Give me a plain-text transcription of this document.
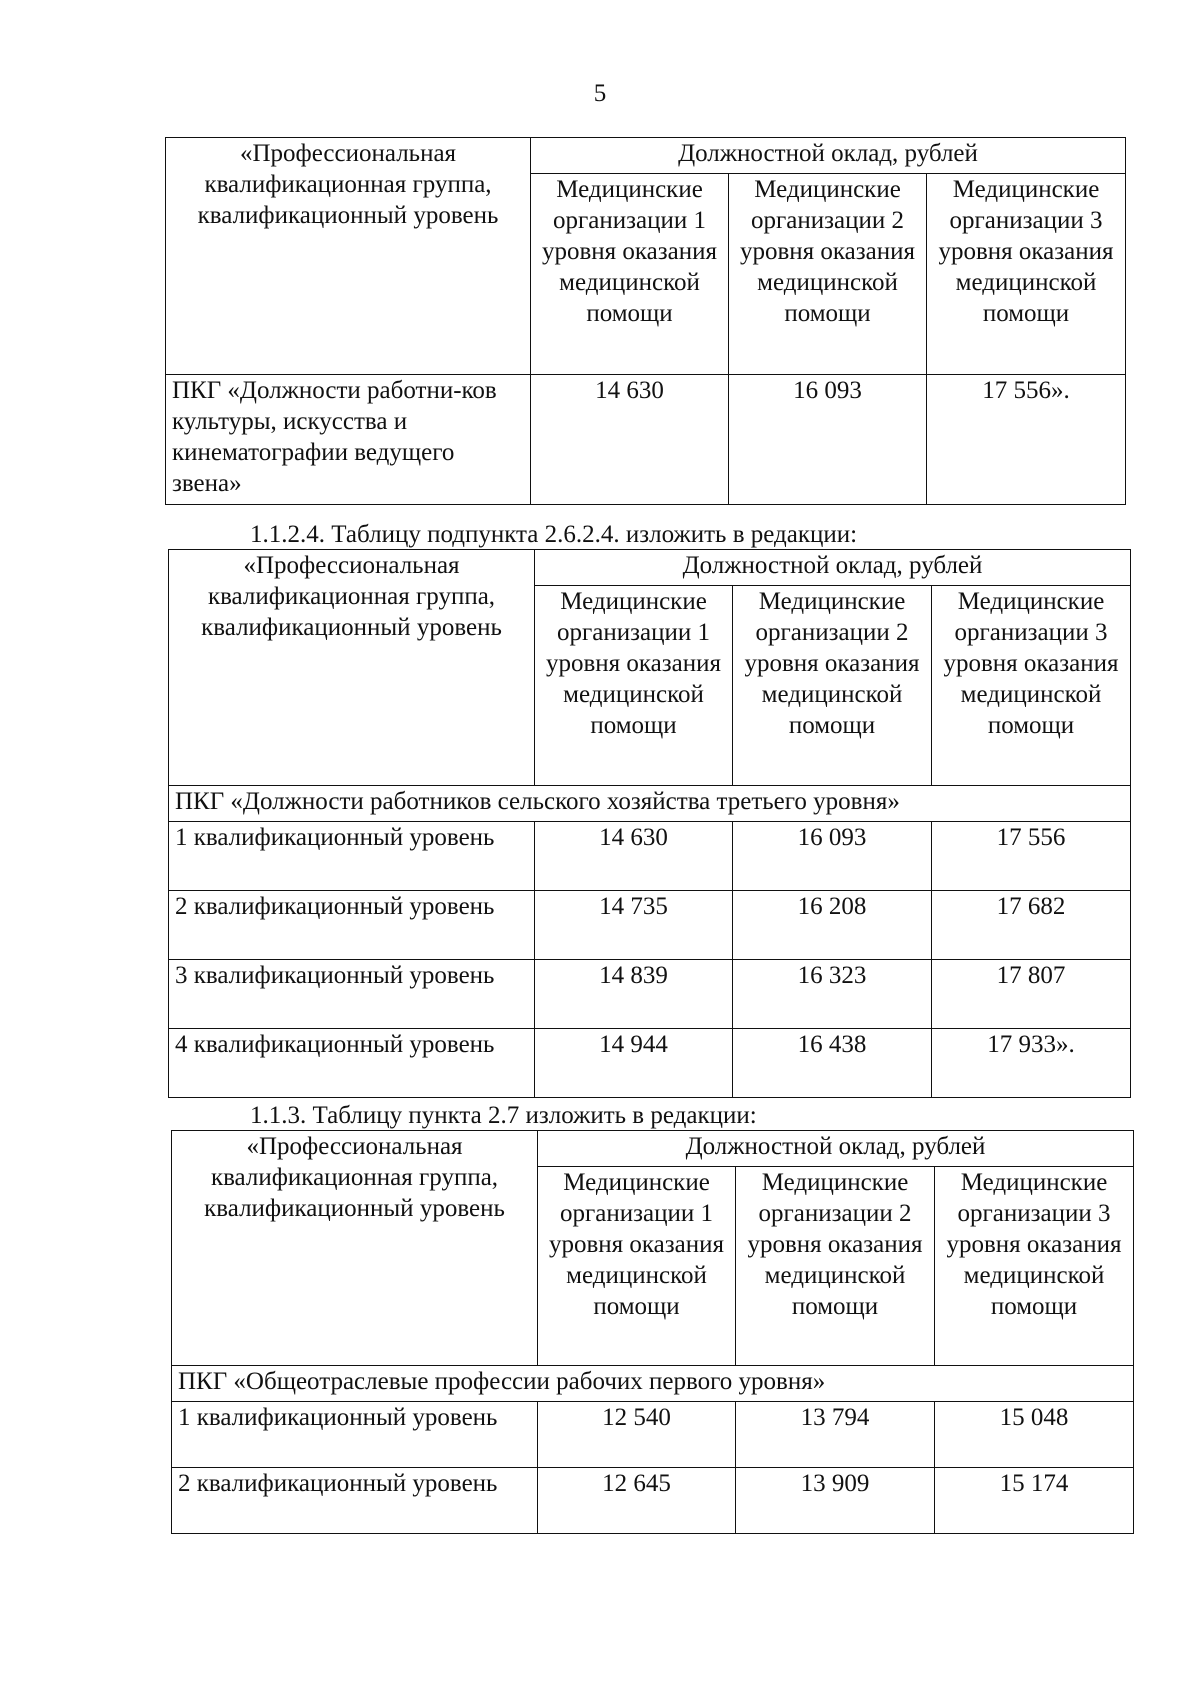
5
«Профессиональная квалификационная группа, квалификационный уровень	Должностной оклад, рублей		
	Медицинские организации 1 уровня оказания медицинской помощи	Медицинские организации 2 уровня оказания медицинской помощи	Медицинские организации 3 уровня оказания медицинской помощи
ПКГ «Должности работни-ков культуры, искусства и кинематографии ведущего звена»	14 630	16 093	17 556».
1.1.2.4. Таблицу подпункта 2.6.2.4. изложить в редакции:
«Профессиональная квалификационная группа, квалификационный уровень	Должностной оклад, рублей		
	Медицинские организации 1 уровня оказания медицинской помощи	Медицинские организации 2 уровня оказания медицинской помощи	Медицинские организации 3 уровня оказания медицинской помощи
ПКГ «Должности работников сельского хозяйства третьего уровня»			
1 квалификационный уровень	14 630	16 093	17 556

2 квалификационный уровень	14 735	16 208	17 682

3 квалификационный уровень	14 839	16 323	17 807

4 квалификационный уровень	14 944	16 438	17 933».
1.1.3. Таблицу пункта 2.7 изложить в редакции:
«Профессиональная квалификационная группа, квалификационный уровень	Должностной оклад, рублей		
	Медицинские организации 1 уровня оказания медицинской помощи	Медицинские организации 2 уровня оказания медицинской помощи	Медицинские организации 3 уровня оказания медицинской помощи
ПКГ «Общеотраслевые профессии рабочих первого уровня»			
1 квалификационный уровень	12 540	13 794	15 048

2 квалификационный уровень	12 645	13 909	15 174
